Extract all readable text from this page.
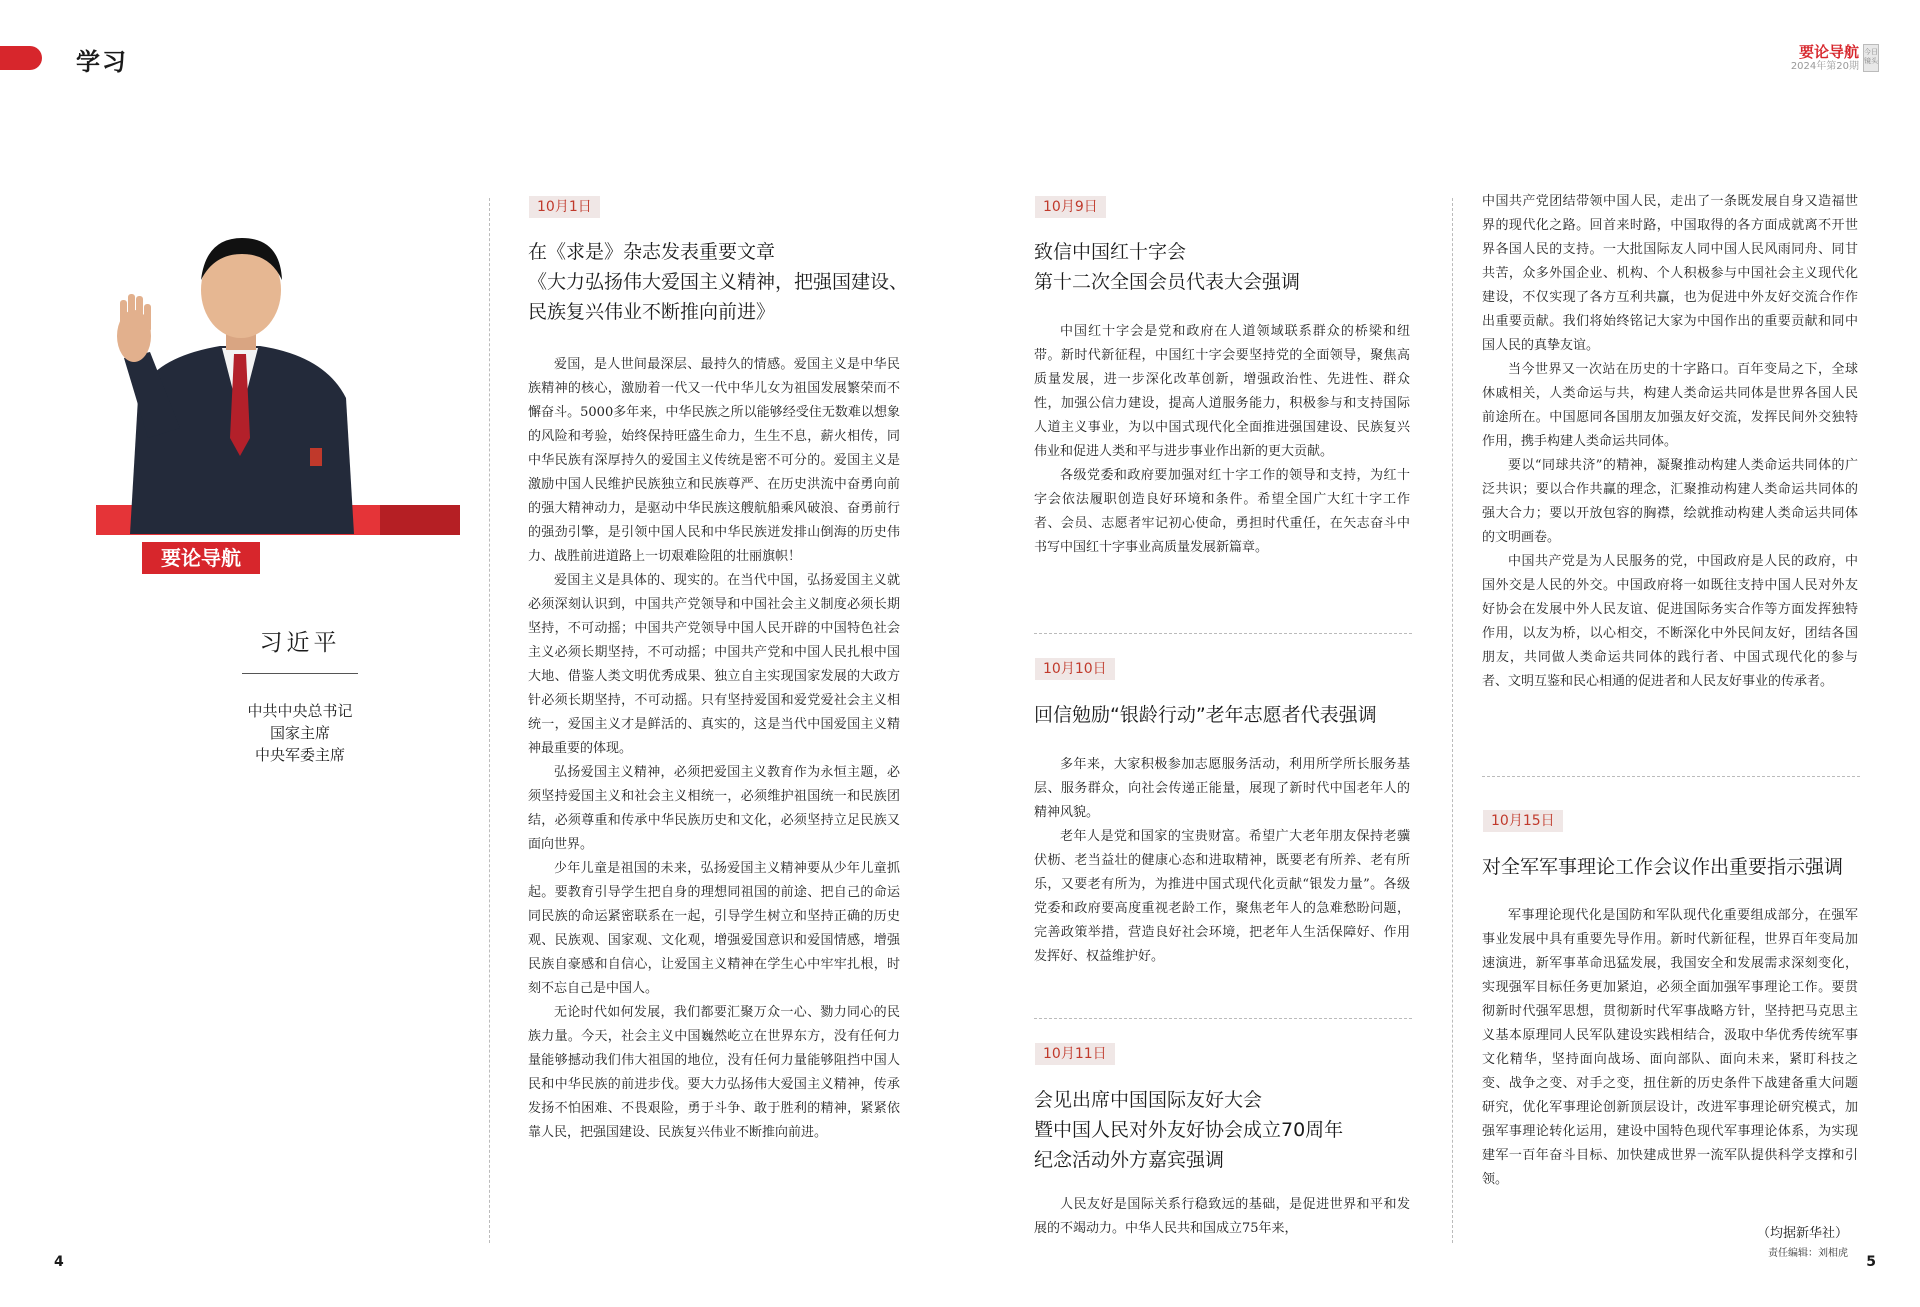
学习	要论导航
2024年第20期
今日镜头
要论导航
习近平
中共中央总书记
国家主席
中央军委主席
10月1日
在《求是》杂志发表重要文章
《大力弘扬伟大爱国主义精神，把强国建设、
民族复兴伟业不断推向前进》

爱国，是人世间最深层、最持久的情感。爱国主义是中华民族精神的核心，激励着一代又一代中华儿女为祖国发展繁荣而不懈奋斗。5000多年来，中华民族之所以能够经受住无数难以想象的风险和考验，始终保持旺盛生命力，生生不息，薪火相传，同中华民族有深厚持久的爱国主义传统是密不可分的。爱国主义是激励中国人民维护民族独立和民族尊严、在历史洪流中奋勇向前的强大精神动力，是驱动中华民族这艘航船乘风破浪、奋勇前行的强劲引擎，是引领中国人民和中华民族迸发排山倒海的历史伟力、战胜前进道路上一切艰难险阻的壮丽旗帜！

爱国主义是具体的、现实的。在当代中国，弘扬爱国主义就必须深刻认识到，中国共产党领导和中国社会主义制度必须长期坚持，不可动摇；中国共产党领导中国人民开辟的中国特色社会主义必须长期坚持，不可动摇；中国共产党和中国人民扎根中国大地、借鉴人类文明优秀成果、独立自主实现国家发展的大政方针必须长期坚持，不可动摇。只有坚持爱国和爱党爱社会主义相统一，爱国主义才是鲜活的、真实的，这是当代中国爱国主义精神最重要的体现。

弘扬爱国主义精神，必须把爱国主义教育作为永恒主题，必须坚持爱国主义和社会主义相统一，必须维护祖国统一和民族团结，必须尊重和传承中华民族历史和文化，必须坚持立足民族又面向世界。

少年儿童是祖国的未来，弘扬爱国主义精神要从少年儿童抓起。要教育引导学生把自身的理想同祖国的前途、把自己的命运同民族的命运紧密联系在一起，引导学生树立和坚持正确的历史观、民族观、国家观、文化观，增强爱国意识和爱国情感，增强民族自豪感和自信心，让爱国主义精神在学生心中牢牢扎根，时刻不忘自己是中国人。

无论时代如何发展，我们都要汇聚万众一心、勠力同心的民族力量。今天，社会主义中国巍然屹立在世界东方，没有任何力量能够撼动我们伟大祖国的地位，没有任何力量能够阻挡中国人民和中华民族的前进步伐。要大力弘扬伟大爱国主义精神，传承发扬不怕困难、不畏艰险，勇于斗争、敢于胜利的精神，紧紧依靠人民，把强国建设、民族复兴伟业不断推向前进。

10月9日
致信中国红十字会
第十二次全国会员代表大会强调

中国红十字会是党和政府在人道领域联系群众的桥梁和纽带。新时代新征程，中国红十字会要坚持党的全面领导，聚焦高质量发展，进一步深化改革创新，增强政治性、先进性、群众性，加强公信力建设，提高人道服务能力，积极参与和支持国际人道主义事业，为以中国式现代化全面推进强国建设、民族复兴伟业和促进人类和平与进步事业作出新的更大贡献。

各级党委和政府要加强对红十字工作的领导和支持，为红十字会依法履职创造良好环境和条件。希望全国广大红十字工作者、会员、志愿者牢记初心使命，勇担时代重任，在矢志奋斗中书写中国红十字事业高质量发展新篇章。

10月10日
回信勉励“银龄行动”老年志愿者代表强调

多年来，大家积极参加志愿服务活动，利用所学所长服务基层、服务群众，向社会传递正能量，展现了新时代中国老年人的精神风貌。

老年人是党和国家的宝贵财富。希望广大老年朋友保持老骥伏枥、老当益壮的健康心态和进取精神，既要老有所养、老有所乐，又要老有所为，为推进中国式现代化贡献“银发力量”。各级党委和政府要高度重视老龄工作，聚焦老年人的急难愁盼问题，完善政策举措，营造良好社会环境，把老年人生活保障好、作用发挥好、权益维护好。

10月11日
会见出席中国国际友好大会
暨中国人民对外友好协会成立70周年
纪念活动外方嘉宾强调

人民友好是国际关系行稳致远的基础，是促进世界和平和发展的不竭动力。中华人民共和国成立75年来，

中国共产党团结带领中国人民，走出了一条既发展自身又造福世界的现代化之路。回首来时路，中国取得的各方面成就离不开世界各国人民的支持。一大批国际友人同中国人民风雨同舟、同甘共苦，众多外国企业、机构、个人积极参与中国社会主义现代化建设，不仅实现了各方互利共赢，也为促进中外友好交流合作作出重要贡献。我们将始终铭记大家为中国作出的重要贡献和同中国人民的真挚友谊。

当今世界又一次站在历史的十字路口。百年变局之下，全球休戚相关，人类命运与共，构建人类命运共同体是世界各国人民前途所在。中国愿同各国朋友加强友好交流，发挥民间外交独特作用，携手构建人类命运共同体。

要以“同球共济”的精神，凝聚推动构建人类命运共同体的广泛共识；要以合作共赢的理念，汇聚推动构建人类命运共同体的强大合力；要以开放包容的胸襟，绘就推动构建人类命运共同体的文明画卷。

中国共产党是为人民服务的党，中国政府是人民的政府，中国外交是人民的外交。中国政府将一如既往支持中国人民对外友好协会在发展中外人民友谊、促进国际务实合作等方面发挥独特作用，以友为桥，以心相交，不断深化中外民间友好，团结各国朋友，共同做人类命运共同体的践行者、中国式现代化的参与者、文明互鉴和民心相通的促进者和人民友好事业的传承者。

10月15日
对全军军事理论工作会议作出重要指示强调

军事理论现代化是国防和军队现代化重要组成部分，在强军事业发展中具有重要先导作用。新时代新征程，世界百年变局加速演进，新军事革命迅猛发展，我国安全和发展需求深刻变化，实现强军目标任务更加紧迫，必须全面加强军事理论工作。要贯彻新时代强军思想，贯彻新时代军事战略方针，坚持把马克思主义基本原理同人民军队建设实践相结合，汲取中华优秀传统军事文化精华，坚持面向战场、面向部队、面向未来，紧盯科技之变、战争之变、对手之变，扭住新的历史条件下战建备重大问题研究，优化军事理论创新顶层设计，改进军事理论研究模式，加强军事理论转化运用，建设中国特色现代军事理论体系，为实现建军一百年奋斗目标、加快建成世界一流军队提供科学支撑和引领。

（均据新华社）
责任编辑：刘相虎
4	5
